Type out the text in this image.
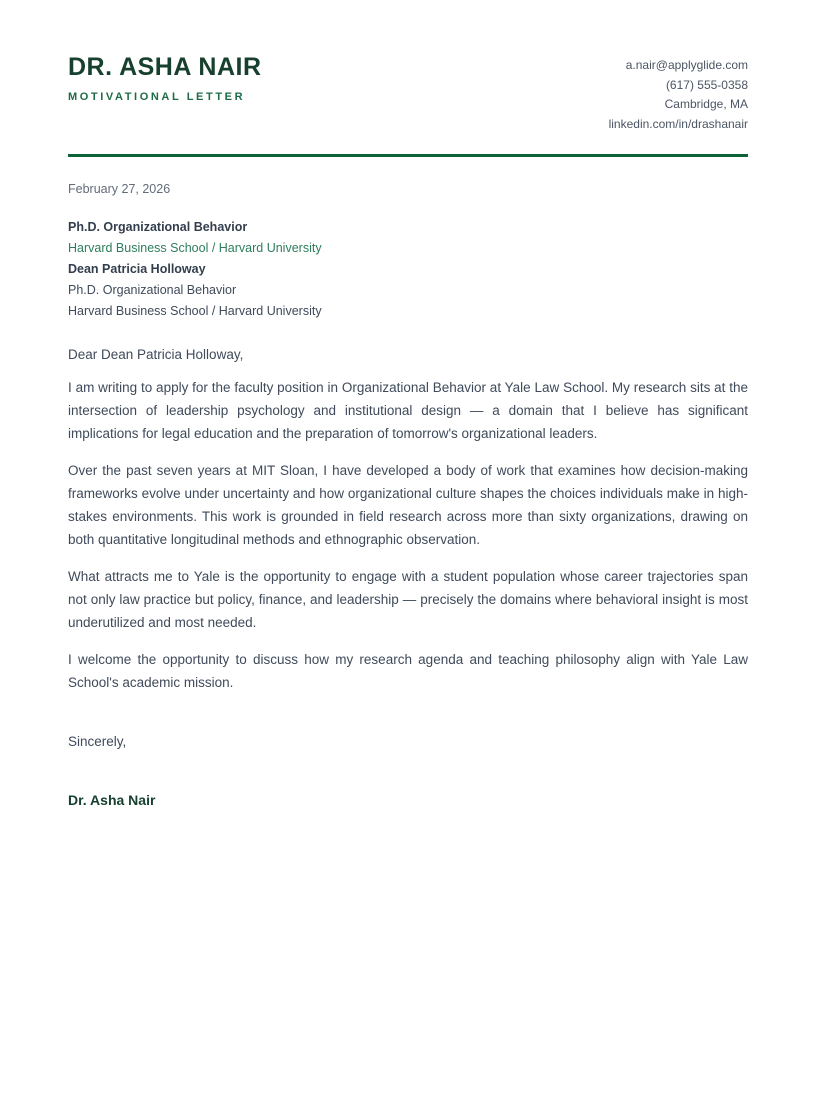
DR. ASHA NAIR
MOTIVATIONAL LETTER
a.nair@applyglide.com
(617) 555-0358
Cambridge, MA
linkedin.com/in/drashanair
February 27, 2026
Ph.D. Organizational Behavior
Harvard Business School / Harvard University
Dean Patricia Holloway
Ph.D. Organizational Behavior
Harvard Business School / Harvard University

Dear Dean Patricia Holloway,

I am writing to apply for the faculty position in Organizational Behavior at Yale Law School. My research sits at the intersection of leadership psychology and institutional design — a domain that I believe has significant implications for legal education and the preparation of tomorrow's organizational leaders.

Over the past seven years at MIT Sloan, I have developed a body of work that examines how decision-making frameworks evolve under uncertainty and how organizational culture shapes the choices individuals make in high-stakes environments. This work is grounded in field research across more than sixty organizations, drawing on both quantitative longitudinal methods and ethnographic observation.

What attracts me to Yale is the opportunity to engage with a student population whose career trajectories span not only law practice but policy, finance, and leadership — precisely the domains where behavioral insight is most underutilized and most needed.

I welcome the opportunity to discuss how my research agenda and teaching philosophy align with Yale Law School's academic mission.

Sincerely,

Dr. Asha Nair
